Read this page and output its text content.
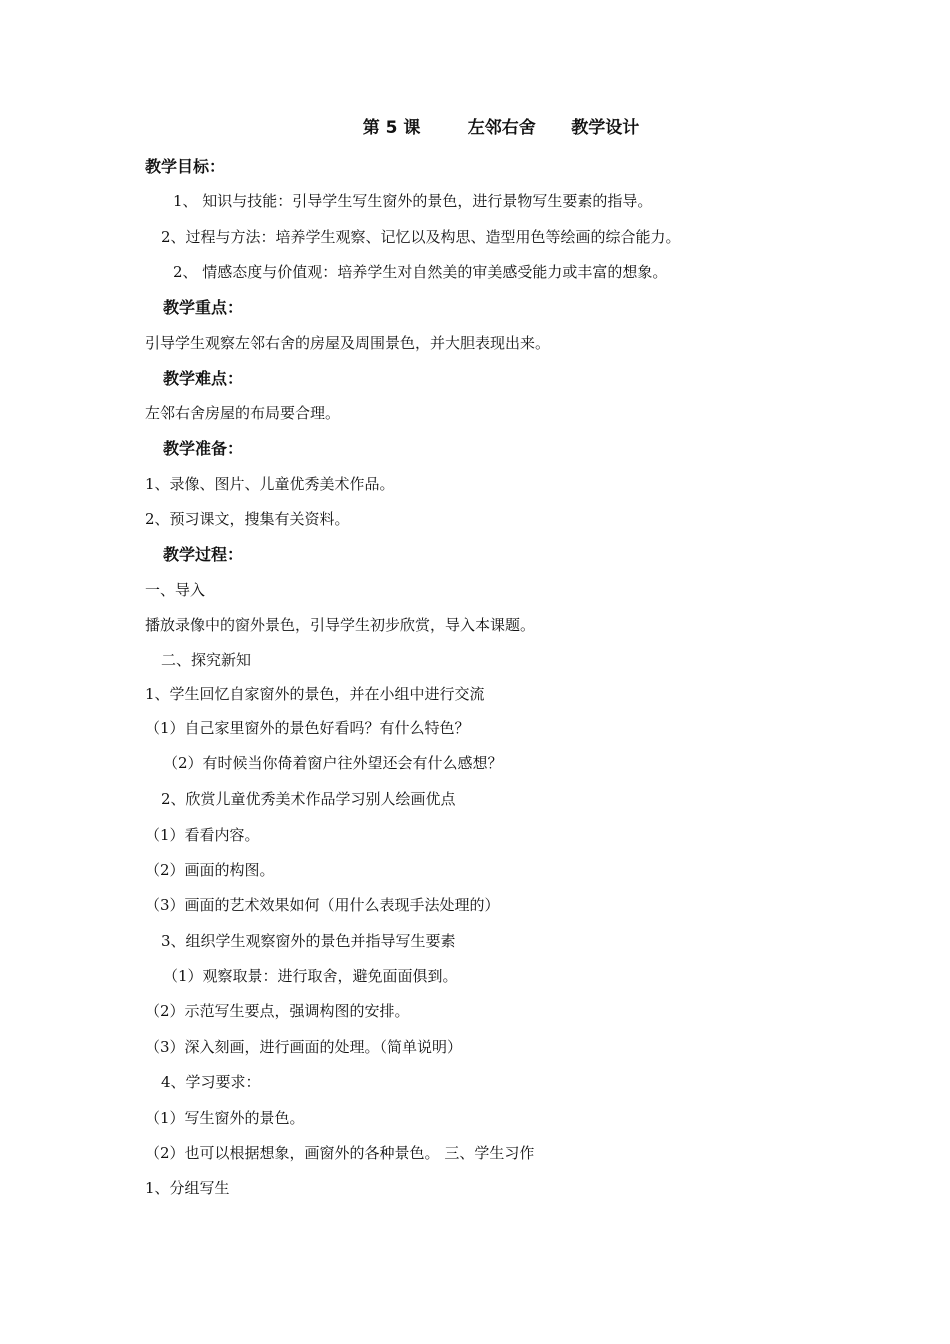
第 5 课        左邻右舍      教学设计
教学目标：
1、 知识与技能：引导学生写生窗外的景色，进行景物写生要素的指导。
2、过程与方法：培养学生观察、记忆以及构思、造型用色等绘画的综合能力。
2、 情感态度与价值观：培养学生对自然美的审美感受能力或丰富的想象。
教学重点：
引导学生观察左邻右舍的房屋及周围景色，并大胆表现出来。
教学难点：
左邻右舍房屋的布局要合理。
教学准备：
1、录像、图片、儿童优秀美术作品。
2、预习课文，搜集有关资料。
教学过程：
一、导入
播放录像中的窗外景色，引导学生初步欣赏，导入本课题。
二、探究新知
1、学生回忆自家窗外的景色，并在小组中进行交流
（1）自己家里窗外的景色好看吗？有什么特色？
（2）有时候当你倚着窗户往外望还会有什么感想？
2、欣赏儿童优秀美术作品学习别人绘画优点
（1）看看内容。
（2）画面的构图。
（3）画面的艺术效果如何（用什么表现手法处理的）
3、组织学生观察窗外的景色并指导写生要素
（1）观察取景：进行取舍，避免面面俱到。
（2）示范写生要点，强调构图的安排。
（3）深入刻画，进行画面的处理。（简单说明）
4、学习要求：
（1）写生窗外的景色。
（2）也可以根据想象，画窗外的各种景色。 三、学生习作
1、分组写生
